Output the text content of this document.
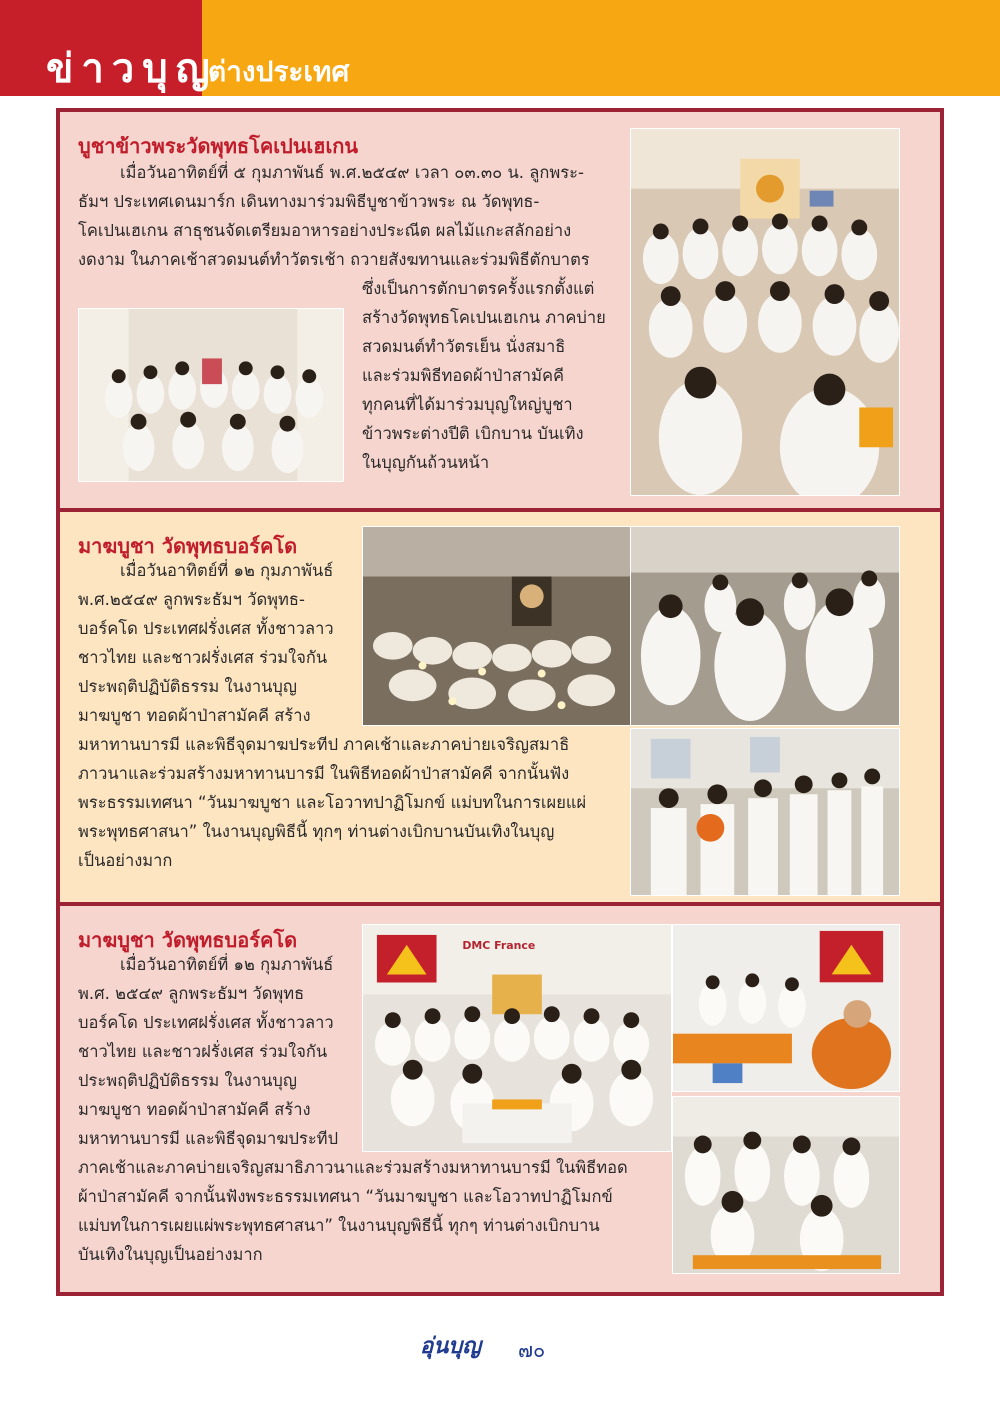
ข่าวบุญ
ต่างประเทศ
บูชาข้าวพระวัดพุทธโคเปนเฮเกน
เมื่อวันอาทิตย์ที่ ๕ กุมภาพันธ์ พ.ศ.๒๕๔๙ เวลา ๐๓.๓๐ น. ลูกพระ-
ธัมฯ ประเทศเดนมาร์ก เดินทางมาร่วมพิธีบูชาข้าวพระ ณ วัดพุทธ-
โคเปนเฮเกน สาธุชนจัดเตรียมอาหารอย่างประณีต ผลไม้แกะสลักอย่าง
งดงาม ในภาคเช้าสวดมนต์ทำวัตรเช้า ถวายสังฆทานและร่วมพิธีตักบาตร
ซึ่งเป็นการตักบาตรครั้งแรกตั้งแต่
สร้างวัดพุทธโคเปนเฮเกน ภาคบ่าย
สวดมนต์ทำวัตรเย็น นั่งสมาธิ
และร่วมพิธีทอดผ้าป่าสามัคคี
ทุกคนที่ได้มาร่วมบุญใหญ่บูชา
ข้าวพระต่างปีติ เบิกบาน บันเทิง
ในบุญกันถ้วนหน้า
มาฆบูชา วัดพุทธบอร์คโด
เมื่อวันอาทิตย์ที่ ๑๒ กุมภาพันธ์
พ.ศ.๒๕๔๙ ลูกพระธัมฯ วัดพุทธ-
บอร์คโด ประเทศฝรั่งเศส ทั้งชาวลาว
ชาวไทย และชาวฝรั่งเศส ร่วมใจกัน
ประพฤติปฏิบัติธรรม ในงานบุญ
มาฆบูชา ทอดผ้าป่าสามัคคี สร้าง
มหาทานบารมี และพิธีจุดมาฆประทีป ภาคเช้าและภาคบ่ายเจริญสมาธิ
ภาวนาและร่วมสร้างมหาทานบารมี ในพิธีทอดผ้าป่าสามัคคี จากนั้นฟัง
พระธรรมเทศนา “วันมาฆบูชา และโอวาทปาฏิโมกข์ แม่บทในการเผยแผ่
พระพุทธศาสนา” ในงานบุญพิธีนี้ ทุกๆ ท่านต่างเบิกบานบันเทิงในบุญ
เป็นอย่างมาก
มาฆบูชา วัดพุทธบอร์คโด
เมื่อวันอาทิตย์ที่ ๑๒ กุมภาพันธ์
พ.ศ. ๒๕๔๙ ลูกพระธัมฯ วัดพุทธ
บอร์คโด ประเทศฝรั่งเศส ทั้งชาวลาว
ชาวไทย และชาวฝรั่งเศส ร่วมใจกัน
ประพฤติปฏิบัติธรรม ในงานบุญ
มาฆบูชา ทอดผ้าป่าสามัคคี สร้าง
มหาทานบารมี และพิธีจุดมาฆประทีป
ภาคเช้าและภาคบ่ายเจริญสมาธิภาวนาและร่วมสร้างมหาทานบารมี ในพิธีทอด
ผ้าป่าสามัคคี จากนั้นฟังพระธรรมเทศนา “วันมาฆบูชา และโอวาทปาฏิโมกข์
แม่บทในการเผยแผ่พระพุทธศาสนา” ในงานบุญพิธีนี้ ทุกๆ ท่านต่างเบิกบาน
บันเทิงในบุญเป็นอย่างมาก
DMC France
อุ่นบุญ ๗๐
